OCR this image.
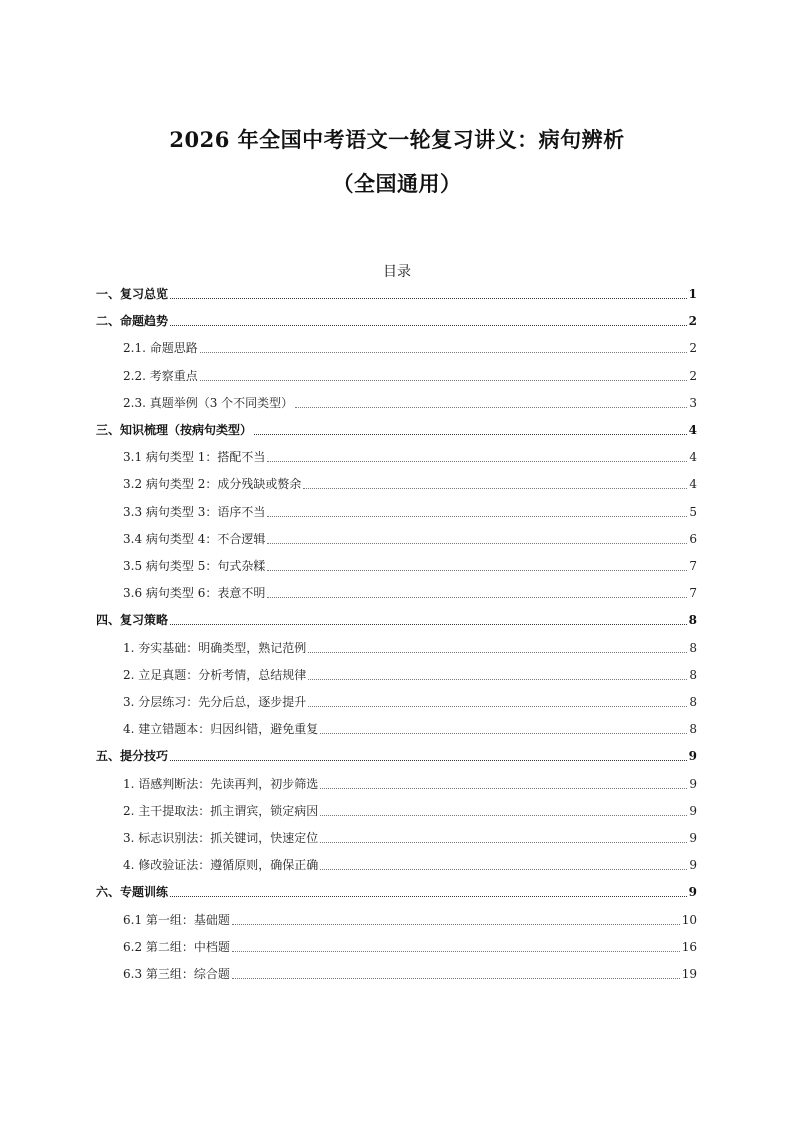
2026 年全国中考语文一轮复习讲义：病句辨析
（全国通用）
目录
一、复习总览	1
二、命题趋势	2
2.1. 命题思路	2
2.2. 考察重点	2
2.3. 真题举例（3 个不同类型）	3
三、知识梳理（按病句类型）	4
3.1 病句类型 1：搭配不当	4
3.2 病句类型 2：成分残缺或赘余	4
3.3 病句类型 3：语序不当	5
3.4 病句类型 4：不合逻辑	6
3.5 病句类型 5：句式杂糅	7
3.6 病句类型 6：表意不明	7
四、复习策略	8
1. 夯实基础：明确类型，熟记范例	8
2. 立足真题：分析考情，总结规律	8
3. 分层练习：先分后总，逐步提升	8
4. 建立错题本：归因纠错，避免重复	8
五、提分技巧	9
1. 语感判断法：先读再判，初步筛选	9
2. 主干提取法：抓主谓宾，锁定病因	9
3. 标志识别法：抓关键词，快速定位	9
4. 修改验证法：遵循原则，确保正确	9
六、专题训练	9
6.1 第一组：基础题	10
6.2 第二组：中档题	16
6.3 第三组：综合题	19
